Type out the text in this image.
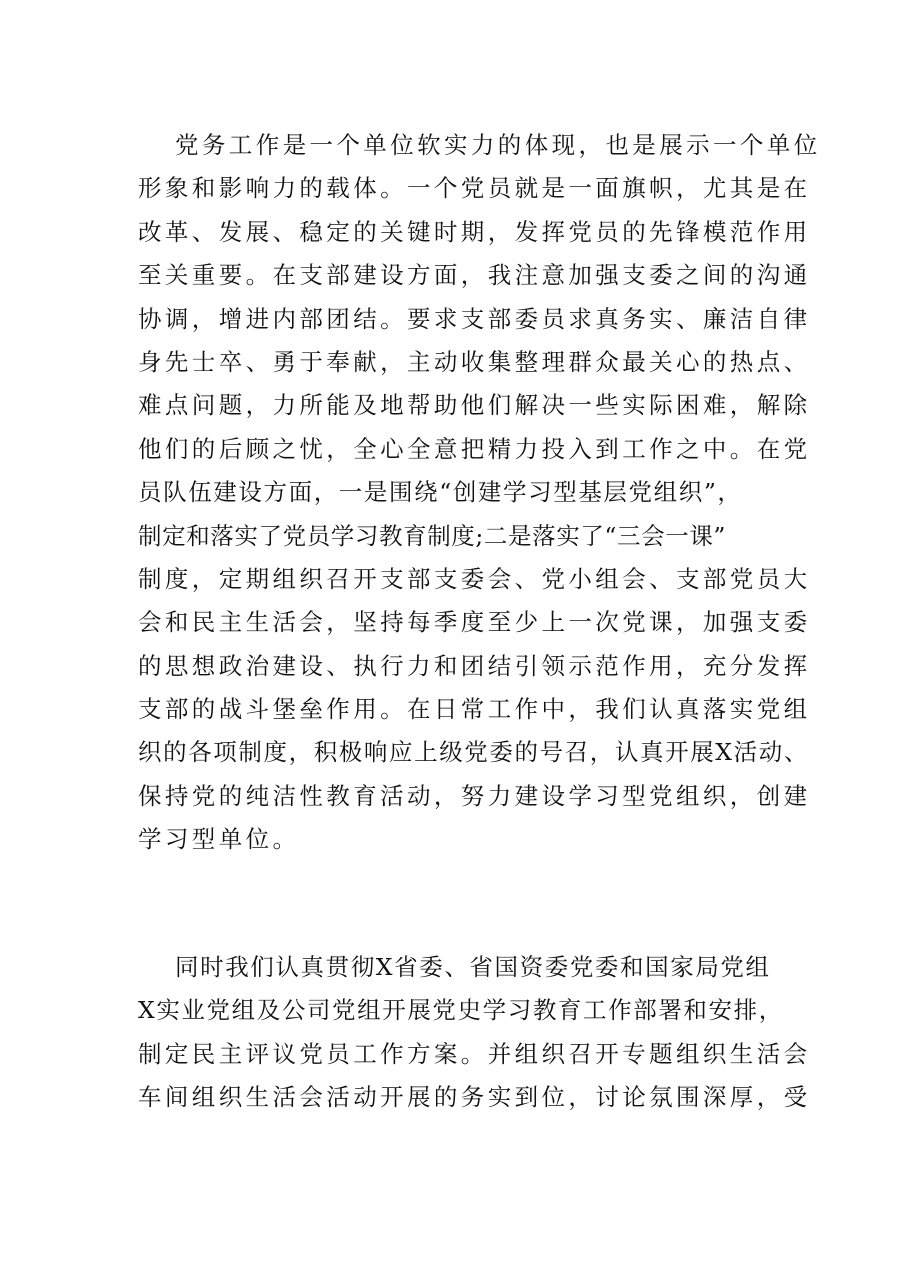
党务工作是一个单位软实力的体现，也是展示一个单位
形象和影响力的载体。一个党员就是一面旗帜，尤其是在
改革、发展、稳定的关键时期，发挥党员的先锋模范作用
至关重要。在支部建设方面，我注意加强支委之间的沟通
协调，增进内部团结。要求支部委员求真务实、廉洁自律
身先士卒、勇于奉献，主动收集整理群众最关心的热点、
难点问题，力所能及地帮助他们解决一些实际困难，解除
他们的后顾之忧，全心全意把精力投入到工作之中。在党
员队伍建设方面，一是围绕“创建学习型基层党组织”，
制定和落实了党员学习教育制度;二是落实了“三会一课”
制度，定期组织召开支部支委会、党小组会、支部党员大
会和民主生活会，坚持每季度至少上一次党课，加强支委
的思想政治建设、执行力和团结引领示范作用，充分发挥
支部的战斗堡垒作用。在日常工作中，我们认真落实党组
织的各项制度，积极响应上级党委的号召，认真开展X活动、
保持党的纯洁性教育活动，努力建设学习型党组织，创建
学习型单位。
同时我们认真贯彻X省委、省国资委党委和国家局党组
X实业党组及公司党组开展党史学习教育工作部署和安排，
制定民主评议党员工作方案。并组织召开专题组织生活会
车间组织生活会活动开展的务实到位，讨论氛围深厚，受
